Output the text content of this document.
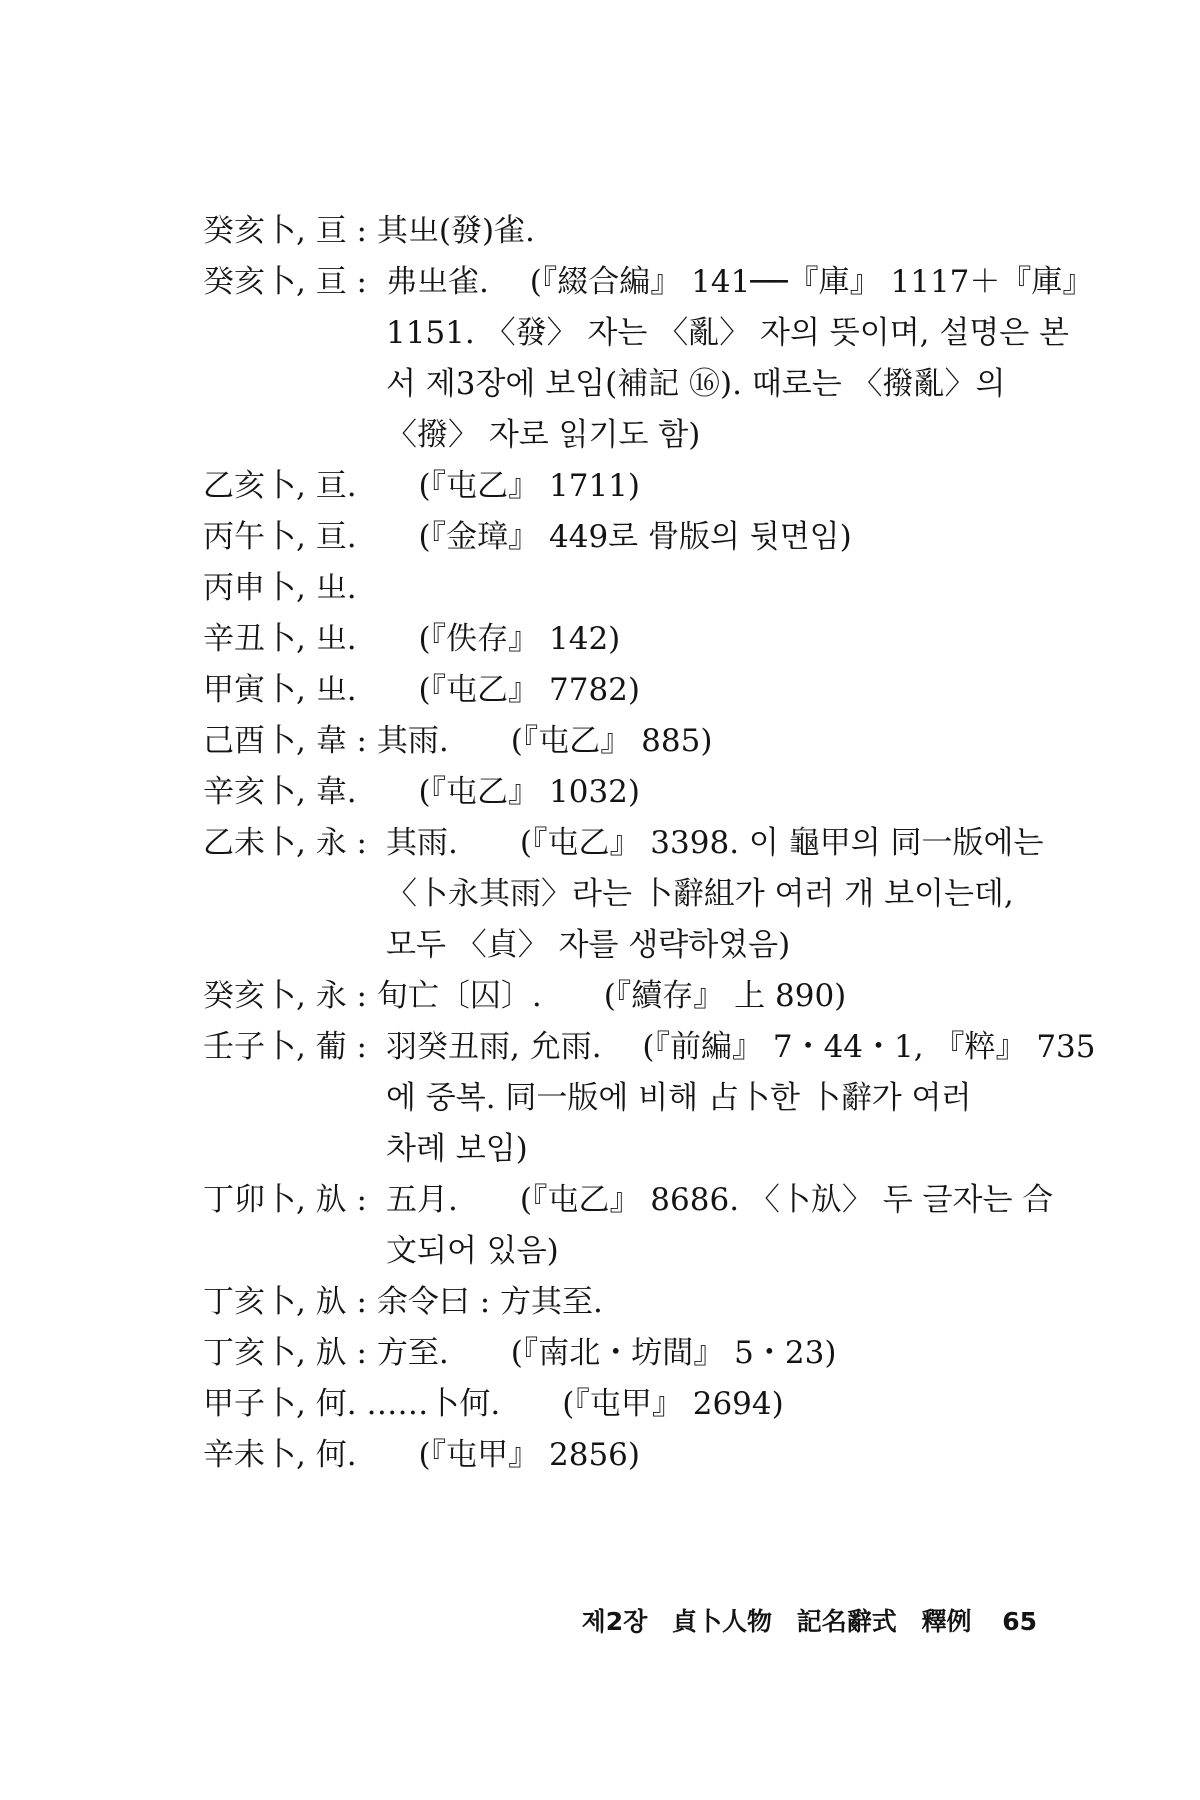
癸亥卜, 亘 : 其㞢(發)雀.
癸亥卜, 亘 : 弗㞢雀.　 (『綴合編』 141──『庫』 1117＋『庫』
1151. 〈發〉 자는 〈亂〉 자의 뜻이며, 설명은 본
서 제3장에 보임(補記 ⑯). 때로는 〈撥亂〉의
〈撥〉 자로 읽기도 함)
乙亥卜, 亘.　　(『屯乙』 1711)
丙午卜, 亘.　　(『金璋』 449로 骨版의 뒷면임)
丙申卜, 㞢.
辛丑卜, 㞢.　　(『佚存』 142)
甲寅卜, 㞢.　　(『屯乙』 7782)
己酉卜, 韋 : 其雨.　　(『屯乙』 885)
辛亥卜, 韋.　　(『屯乙』 1032)
乙未卜, 永 : 其雨.　　(『屯乙』 3398. 이 龜甲의 同一版에는
〈卜永其雨〉라는 卜辭組가 여러 개 보이는데,
모두 〈貞〉 자를 생략하였음)
癸亥卜, 永 : 旬亡〔囚〕.　　(『續存』 上 890)
壬子卜, 葡 : 羽癸丑雨, 允雨.　 (『前編』 7・44・1, 『粹』 735
에 중복. 同一版에 비해 占卜한 卜辭가 여러
차례 보임)
丁卯卜, 㫃 : 五月.　　(『屯乙』 8686. 〈卜㫃〉 두 글자는 合
文되어 있음)
丁亥卜, 㫃 : 余令曰 : 方其至.
丁亥卜, 㫃 : 方至.　　(『南北・坊間』 5・23)
甲子卜, 何. ……卜何.　　(『屯甲』 2694)
辛未卜, 何.　　(『屯甲』 2856)
제2장 貞卜人物 記名辭式 釋例 65
